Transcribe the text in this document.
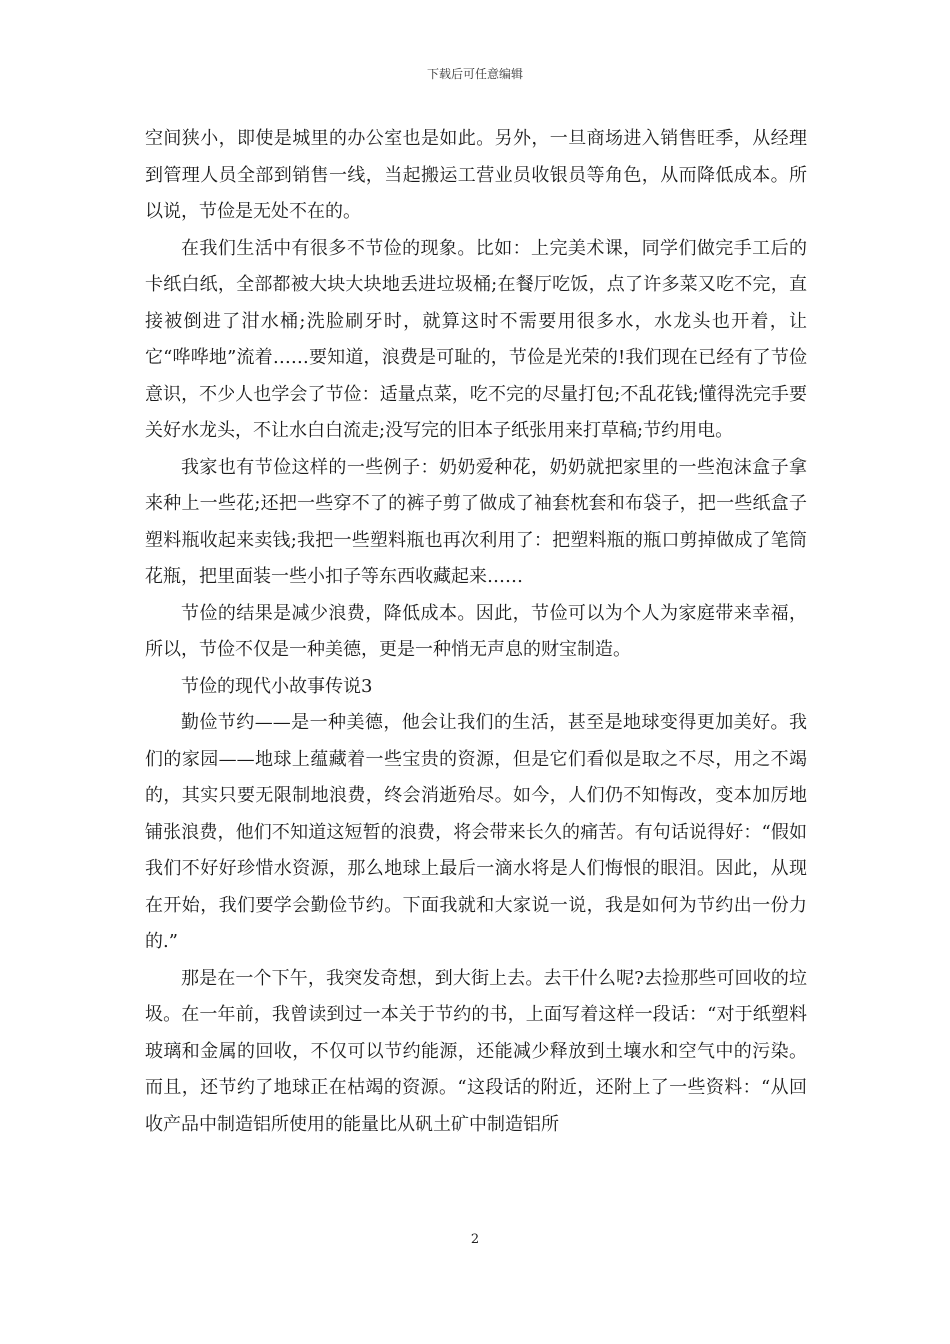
下载后可任意编辑

空间狭小，即使是城里的办公室也是如此。另外，一旦商场进入销售旺季，从经理到管理人员全部到销售一线，当起搬运工营业员收银员等角色，从而降低成本。所以说，节俭是无处不在的。

在我们生活中有很多不节俭的现象。比如：上完美术课，同学们做完手工后的卡纸白纸，全部都被大块大块地丢进垃圾桶;在餐厅吃饭，点了许多菜又吃不完，直接被倒进了泔水桶;洗脸刷牙时，就算这时不需要用很多水，水龙头也开着，让它“哗哗地”流着……要知道，浪费是可耻的，节俭是光荣的!我们现在已经有了节俭意识，不少人也学会了节俭：适量点菜，吃不完的尽量打包;不乱花钱;懂得洗完手要关好水龙头，不让水白白流走;没写完的旧本子纸张用来打草稿;节约用电。

我家也有节俭这样的一些例子：奶奶爱种花，奶奶就把家里的一些泡沫盒子拿来种上一些花;还把一些穿不了的裤子剪了做成了袖套枕套和布袋子，把一些纸盒子塑料瓶收起来卖钱;我把一些塑料瓶也再次利用了：把塑料瓶的瓶口剪掉做成了笔筒花瓶，把里面装一些小扣子等东西收藏起来……

节俭的结果是减少浪费，降低成本。因此，节俭可以为个人为家庭带来幸福，所以，节俭不仅是一种美德，更是一种悄无声息的财宝制造。

节俭的现代小故事传说3

勤俭节约——是一种美德，他会让我们的生活，甚至是地球变得更加美好。我们的家园——地球上蕴藏着一些宝贵的资源，但是它们看似是取之不尽，用之不竭的，其实只要无限制地浪费，终会消逝殆尽。如今，人们仍不知悔改，变本加厉地铺张浪费，他们不知道这短暂的浪费，将会带来长久的痛苦。有句话说得好：“假如我们不好好珍惜水资源，那么地球上最后一滴水将是人们悔恨的眼泪。因此，从现在开始，我们要学会勤俭节约。下面我就和大家说一说，我是如何为节约出一份力的.”

那是在一个下午，我突发奇想，到大街上去。去干什么呢?去捡那些可回收的垃圾。在一年前，我曾读到过一本关于节约的书，上面写着这样一段话：“对于纸塑料玻璃和金属的回收，不仅可以节约能源，还能减少释放到土壤水和空气中的污染。而且，还节约了地球正在枯竭的资源。“这段话的附近，还附上了一些资料：“从回收产品中制造铝所使用的能量比从矾土矿中制造铝所

2
